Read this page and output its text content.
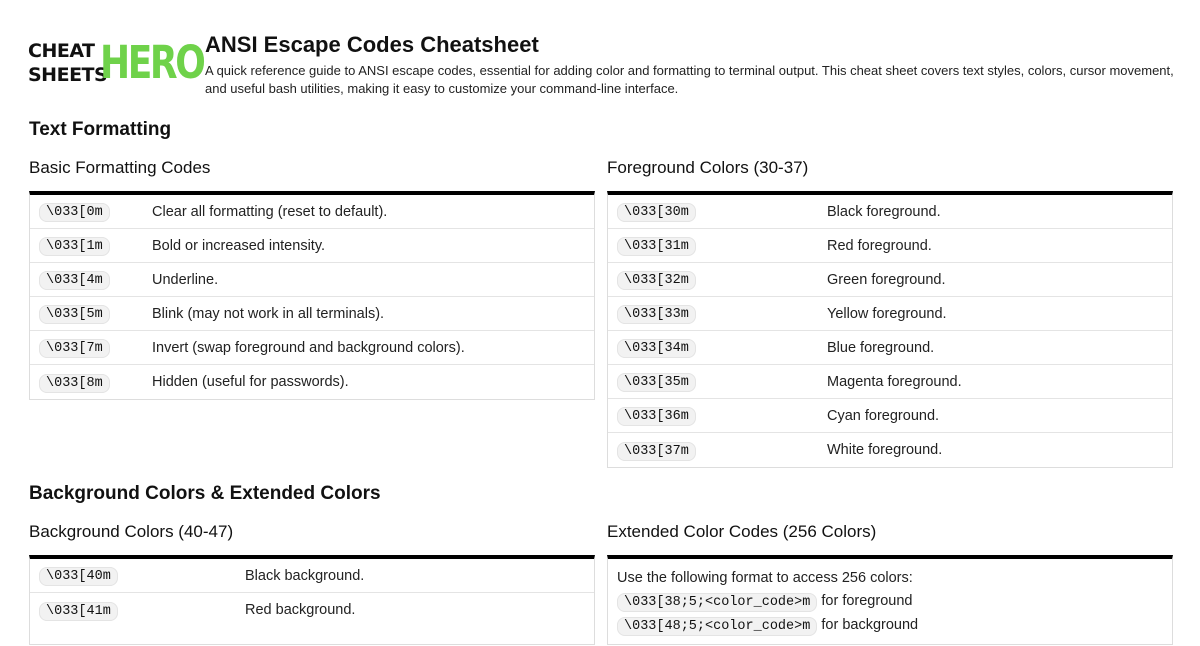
CHEAT
SHEETS
HERO ANSI Escape Codes Cheatsheet
A quick reference guide to ANSI escape codes, essential for adding color and formatting to terminal output. This cheat sheet covers text styles, colors, cursor movement, and useful bash utilities, making it easy to customize your command-line interface.
Text Formatting
Basic Formatting Codes
\033[0m	Clear all formatting (reset to default).
\033[1m	Bold or increased intensity.
\033[4m	Underline.
\033[5m	Blink (may not work in all terminals).
\033[7m	Invert (swap foreground and background colors).
\033[8m	Hidden (useful for passwords).
Foreground Colors (30-37)
\033[30m	Black foreground.
\033[31m	Red foreground.
\033[32m	Green foreground.
\033[33m	Yellow foreground.
\033[34m	Blue foreground.
\033[35m	Magenta foreground.
\033[36m	Cyan foreground.
\033[37m	White foreground.
Background Colors & Extended Colors
Background Colors (40-47)
\033[40m	Black background.
\033[41m	Red background.
Extended Color Codes (256 Colors)
Use the following format to access 256 colors:
\033[38;5;<color_code>m for foreground
\033[48;5;<color_code>m for background
